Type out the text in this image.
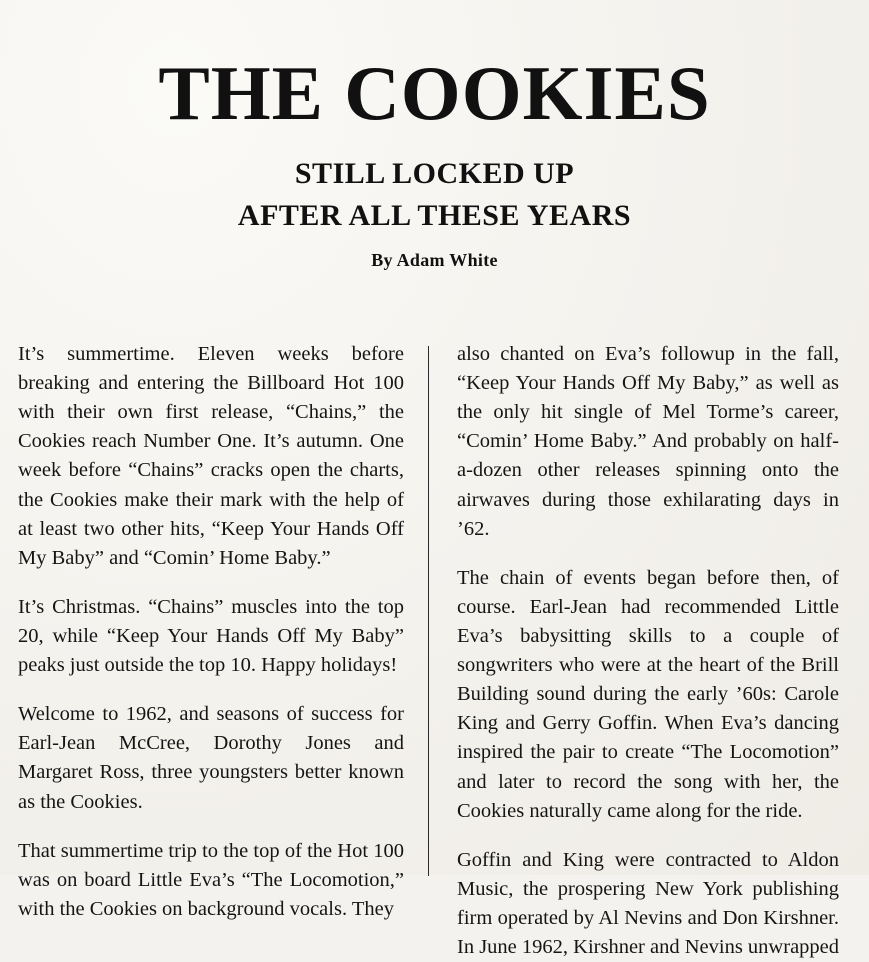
THE COOKIES
STILL LOCKED UP
AFTER ALL THESE YEARS
By Adam White

It’s summertime. Eleven weeks before breaking and entering the Billboard Hot 100 with their own first release, “Chains,” the Cookies reach Number One. It’s autumn. One week before “Chains” cracks open the charts, the Cookies make their mark with the help of at least two other hits, “Keep Your Hands Off My Baby” and “Comin’ Home Baby.”

It’s Christmas. “Chains” muscles into the top 20, while “Keep Your Hands Off My Baby” peaks just outside the top 10. Happy holidays!

Welcome to 1962, and seasons of success for Earl-Jean McCree, Dorothy Jones and Margaret Ross, three youngsters better known as the Cookies.

That summertime trip to the top of the Hot 100 was on board Little Eva’s “The Locomotion,” with the Cookies on background vocals. They

also chanted on Eva’s followup in the fall, “Keep Your Hands Off My Baby,” as well as the only hit single of Mel Torme’s career, “Comin’ Home Baby.” And probably on half-a-dozen other releases spinning onto the airwaves during those exhilarating days in ’62.

The chain of events began before then, of course. Earl-Jean had recommended Little Eva’s babysitting skills to a couple of songwriters who were at the heart of the Brill Building sound during the early ’60s: Carole King and Gerry Goffin. When Eva’s dancing inspired the pair to create “The Locomotion” and later to record the song with her, the Cookies naturally came along for the ride.

Goffin and King were contracted to Aldon Music, the prospering New York publishing firm operated by Al Nevins and Don Kirshner. In June 1962, Kirshner and Nevins unwrapped
